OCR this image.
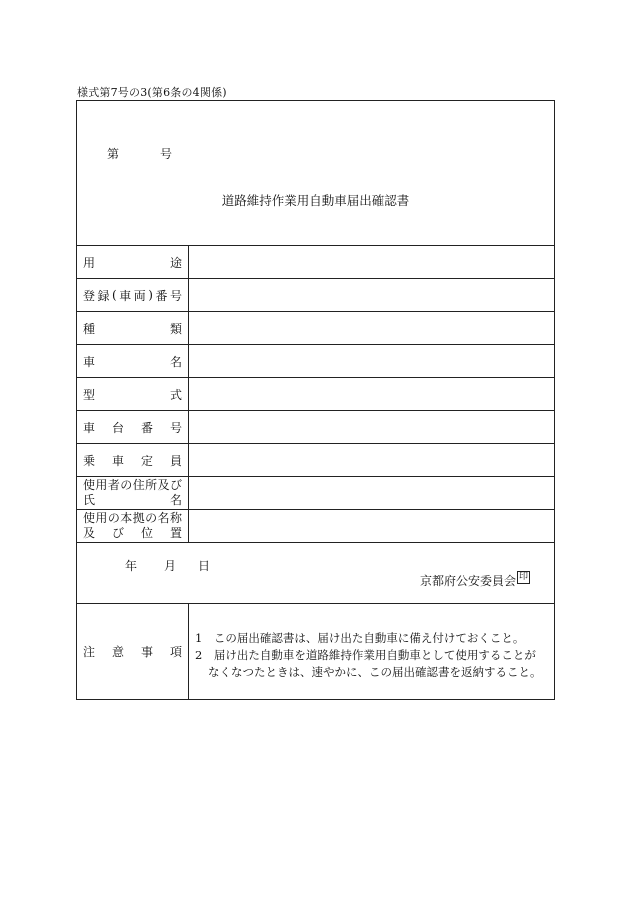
様式第7号の3(第6条の4関係)
第	号
道路維持作業用自動車届出確認書
用	途
登 録 ( 車 両 ) 番 号
種	類
車	名
型	式
車 台 番 号
乗 車 定 員
使 用 者 の 住 所 及 び
氏	名
使 用 の 本 拠 の 名 称
及 び 位 置
年 月 日
京都府公安委員会 印
注 意 事 項
1　この届出確認書は、届け出た自動車に備え付けておくこと。
2　届け出た自動車を道路維持作業用自動車として使用することが
なくなつたときは、速やかに、この届出確認書を返納すること。
